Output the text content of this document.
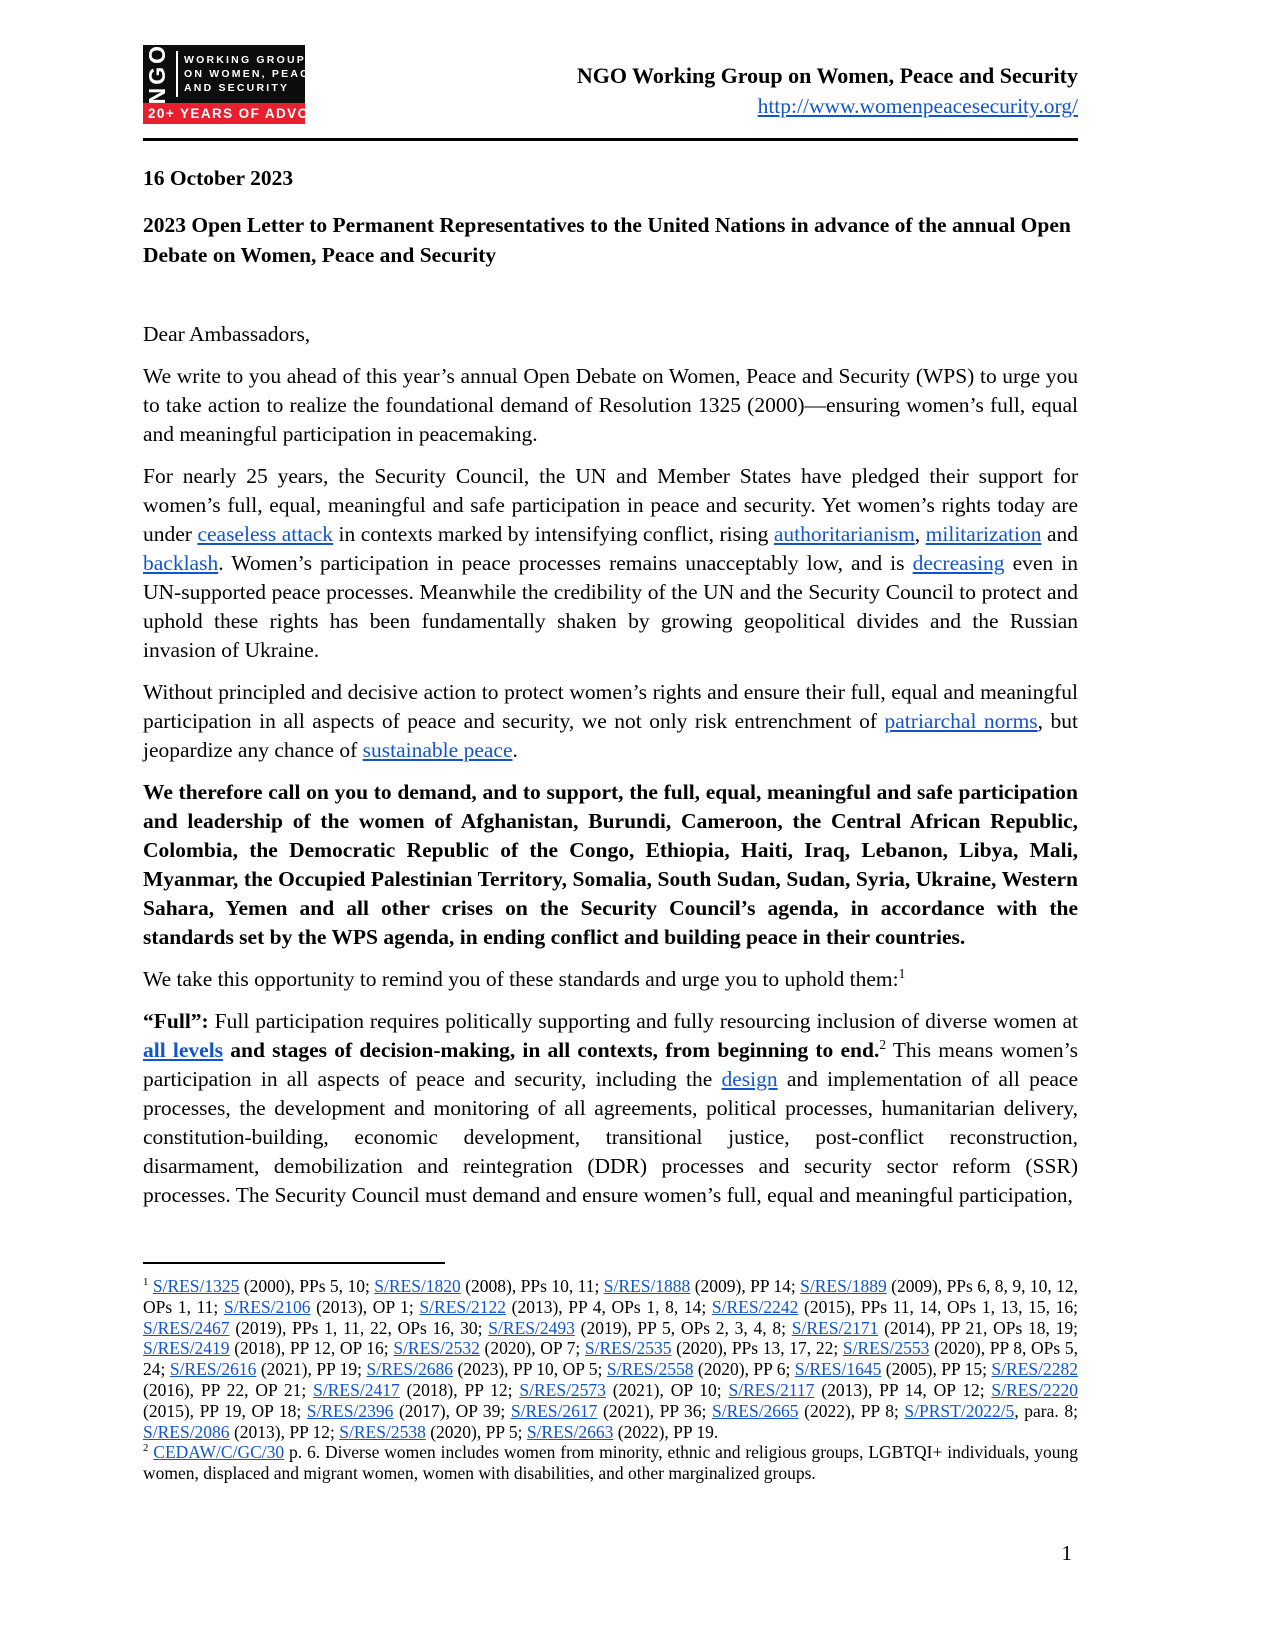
NGO WORKING GROUP
ON WOMEN, PEACE
AND SECURITY
20+ YEARS OF ADVOCACY
NGO Working Group on Women, Peace and Security
http://www.womenpeacesecurity.org/

16 October 2023

2023 Open Letter to Permanent Representatives to the United Nations in advance of the annual Open Debate on Women, Peace and Security

Dear Ambassadors,

We write to you ahead of this year’s annual Open Debate on Women, Peace and Security (WPS) to urge you to take action to realize the foundational demand of Resolution 1325 (2000)—ensuring women’s full, equal and meaningful participation in peacemaking.

For nearly 25 years, the Security Council, the UN and Member States have pledged their support for women’s full, equal, meaningful and safe participation in peace and security. Yet women’s rights today are under ceaseless attack in contexts marked by intensifying conflict, rising authoritarianism, militarization and backlash. Women’s participation in peace processes remains unacceptably low, and is decreasing even in UN-supported peace processes. Meanwhile the credibility of the UN and the Security Council to protect and uphold these rights has been fundamentally shaken by growing geopolitical divides and the Russian invasion of Ukraine.

Without principled and decisive action to protect women’s rights and ensure their full, equal and meaningful participation in all aspects of peace and security, we not only risk entrenchment of patriarchal norms, but jeopardize any chance of sustainable peace.

We therefore call on you to demand, and to support, the full, equal, meaningful and safe participation and leadership of the women of Afghanistan, Burundi, Cameroon, the Central African Republic, Colombia, the Democratic Republic of the Congo, Ethiopia, Haiti, Iraq, Lebanon, Libya, Mali, Myanmar, the Occupied Palestinian Territory, Somalia, South Sudan, Sudan, Syria, Ukraine, Western Sahara, Yemen and all other crises on the Security Council’s agenda, in accordance with the standards set by the WPS agenda, in ending conflict and building peace in their countries.

We take this opportunity to remind you of these standards and urge you to uphold them:$^1$

“Full”: Full participation requires politically supporting and fully resourcing inclusion of diverse women at all levels and stages of decision-making, in all contexts, from beginning to end.$^2$ This means women’s participation in all aspects of peace and security, including the design and implementation of all peace processes, the development and monitoring of all agreements, political processes, humanitarian delivery, constitution-building, economic development, transitional justice, post-conflict reconstruction, disarmament, demobilization and reintegration (DDR) processes and security sector reform (SSR) processes. The Security Council must demand and ensure women’s full, equal and meaningful participation,

$^1$ S/RES/1325 (2000), PPs 5, 10; S/RES/1820 (2008), PPs 10, 11; S/RES/1888 (2009), PP 14; S/RES/1889 (2009), PPs 6, 8, 9, 10, 12, OPs 1, 11; S/RES/2106 (2013), OP 1; S/RES/2122 (2013), PP 4, OPs 1, 8, 14; S/RES/2242 (2015), PPs 11, 14, OPs 1, 13, 15, 16; S/RES/2467 (2019), PPs 1, 11, 22, OPs 16, 30; S/RES/2493 (2019), PP 5, OPs 2, 3, 4, 8; S/RES/2171 (2014), PP 21, OPs 18, 19; S/RES/2419 (2018), PP 12, OP 16; S/RES/2532 (2020), OP 7; S/RES/2535 (2020), PPs 13, 17, 22; S/RES/2553 (2020), PP 8, OPs 5, 24; S/RES/2616 (2021), PP 19; S/RES/2686 (2023), PP 10, OP 5; S/RES/2558 (2020), PP 6; S/RES/1645 (2005), PP 15; S/RES/2282 (2016), PP 22, OP 21; S/RES/2417 (2018), PP 12; S/RES/2573 (2021), OP 10; S/RES/2117 (2013), PP 14, OP 12; S/RES/2220 (2015), PP 19, OP 18; S/RES/2396 (2017), OP 39; S/RES/2617 (2021), PP 36; S/RES/2665 (2022), PP 8; S/PRST/2022/5, para. 8; S/RES/2086 (2013), PP 12; S/RES/2538 (2020), PP 5; S/RES/2663 (2022), PP 19.

$^2$ CEDAW/C/GC/30 p. 6. Diverse women includes women from minority, ethnic and religious groups, LGBTQI+ individuals, young women, displaced and migrant women, women with disabilities, and other marginalized groups.

1
